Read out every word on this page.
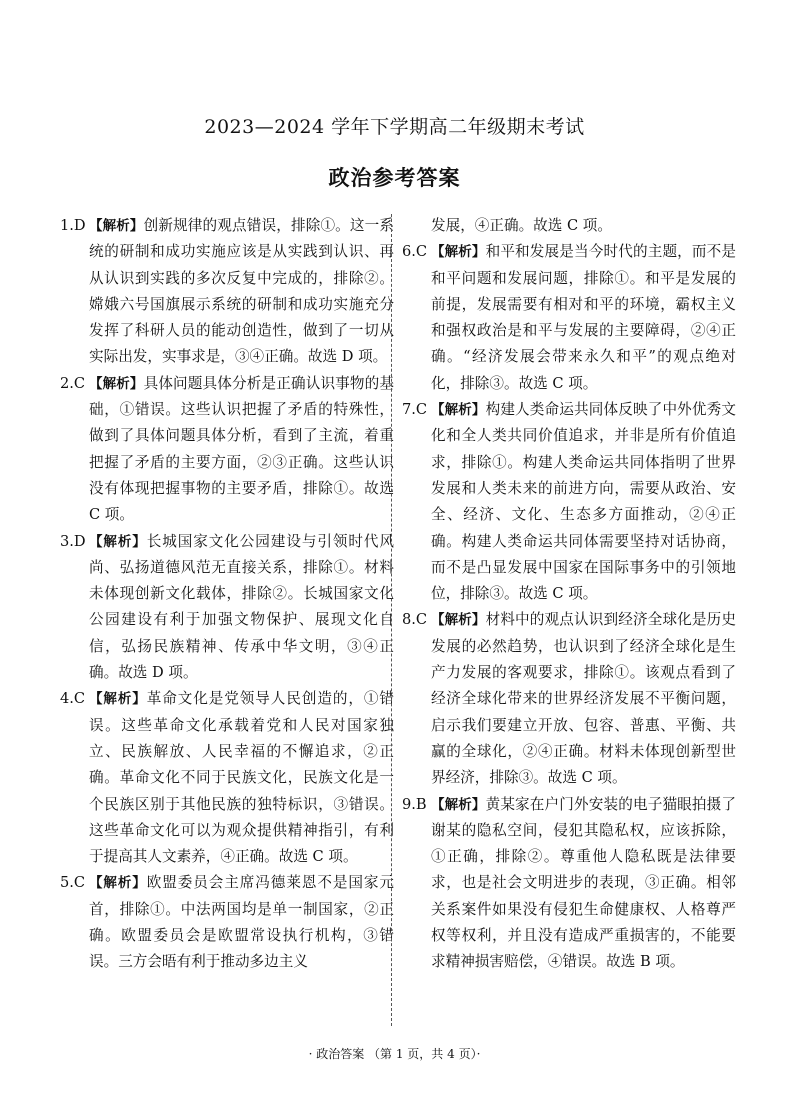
2023—2024 学年下学期高二年级期末考试
政治参考答案

1.D 【解析】创新规律的观点错误，排除①。这一系统的研制和成功实施应该是从实践到认识、再从认识到实践的多次反复中完成的，排除②。嫦娥六号国旗展示系统的研制和成功实施充分发挥了科研人员的能动创造性，做到了一切从实际出发，实事求是，③④正确。故选 D 项。

2.C 【解析】具体问题具体分析是正确认识事物的基础，①错误。这些认识把握了矛盾的特殊性，做到了具体问题具体分析，看到了主流，着重把握了矛盾的主要方面，②③正确。这些认识没有体现把握事物的主要矛盾，排除①。故选 C 项。

3.D 【解析】长城国家文化公园建设与引领时代风尚、弘扬道德风范无直接关系，排除①。材料未体现创新文化载体，排除②。长城国家文化公园建设有利于加强文物保护、展现文化自信，弘扬民族精神、传承中华文明，③④正确。故选 D 项。

4.C 【解析】革命文化是党领导人民创造的，①错误。这些革命文化承载着党和人民对国家独立、民族解放、人民幸福的不懈追求，②正确。革命文化不同于民族文化，民族文化是一个民族区别于其他民族的独特标识，③错误。这些革命文化可以为观众提供精神指引，有利于提高其人文素养，④正确。故选 C 项。

5.C 【解析】欧盟委员会主席冯德莱恩不是国家元首，排除①。中法两国均是单一制国家，②正确。欧盟委员会是欧盟常设执行机构，③错误。三方会晤有利于推动多边主义

发展，④正确。故选 C 项。

6.C 【解析】和平和发展是当今时代的主题，而不是和平问题和发展问题，排除①。和平是发展的前提，发展需要有相对和平的环境，霸权主义和强权政治是和平与发展的主要障碍，②④正确。“经济发展会带来永久和平”的观点绝对化，排除③。故选 C 项。

7.C 【解析】构建人类命运共同体反映了中外优秀文化和全人类共同价值追求，并非是所有价值追求，排除①。构建人类命运共同体指明了世界发展和人类未来的前进方向，需要从政治、安全、经济、文化、生态多方面推动，②④正确。构建人类命运共同体需要坚持对话协商，而不是凸显发展中国家在国际事务中的引领地位，排除③。故选 C 项。

8.C 【解析】材料中的观点认识到经济全球化是历史发展的必然趋势，也认识到了经济全球化是生产力发展的客观要求，排除①。该观点看到了经济全球化带来的世界经济发展不平衡问题，启示我们要建立开放、包容、普惠、平衡、共赢的全球化，②④正确。材料未体现创新型世界经济，排除③。故选 C 项。

9.B 【解析】黄某家在户门外安装的电子猫眼拍摄了谢某的隐私空间，侵犯其隐私权，应该拆除，①正确，排除②。尊重他人隐私既是法律要求，也是社会文明进步的表现，③正确。相邻关系案件如果没有侵犯生命健康权、人格尊严权等权利，并且没有造成严重损害的，不能要求精神损害赔偿，④错误。故选 B 项。

· 政治答案 （第 1 页，共 4 页）·
